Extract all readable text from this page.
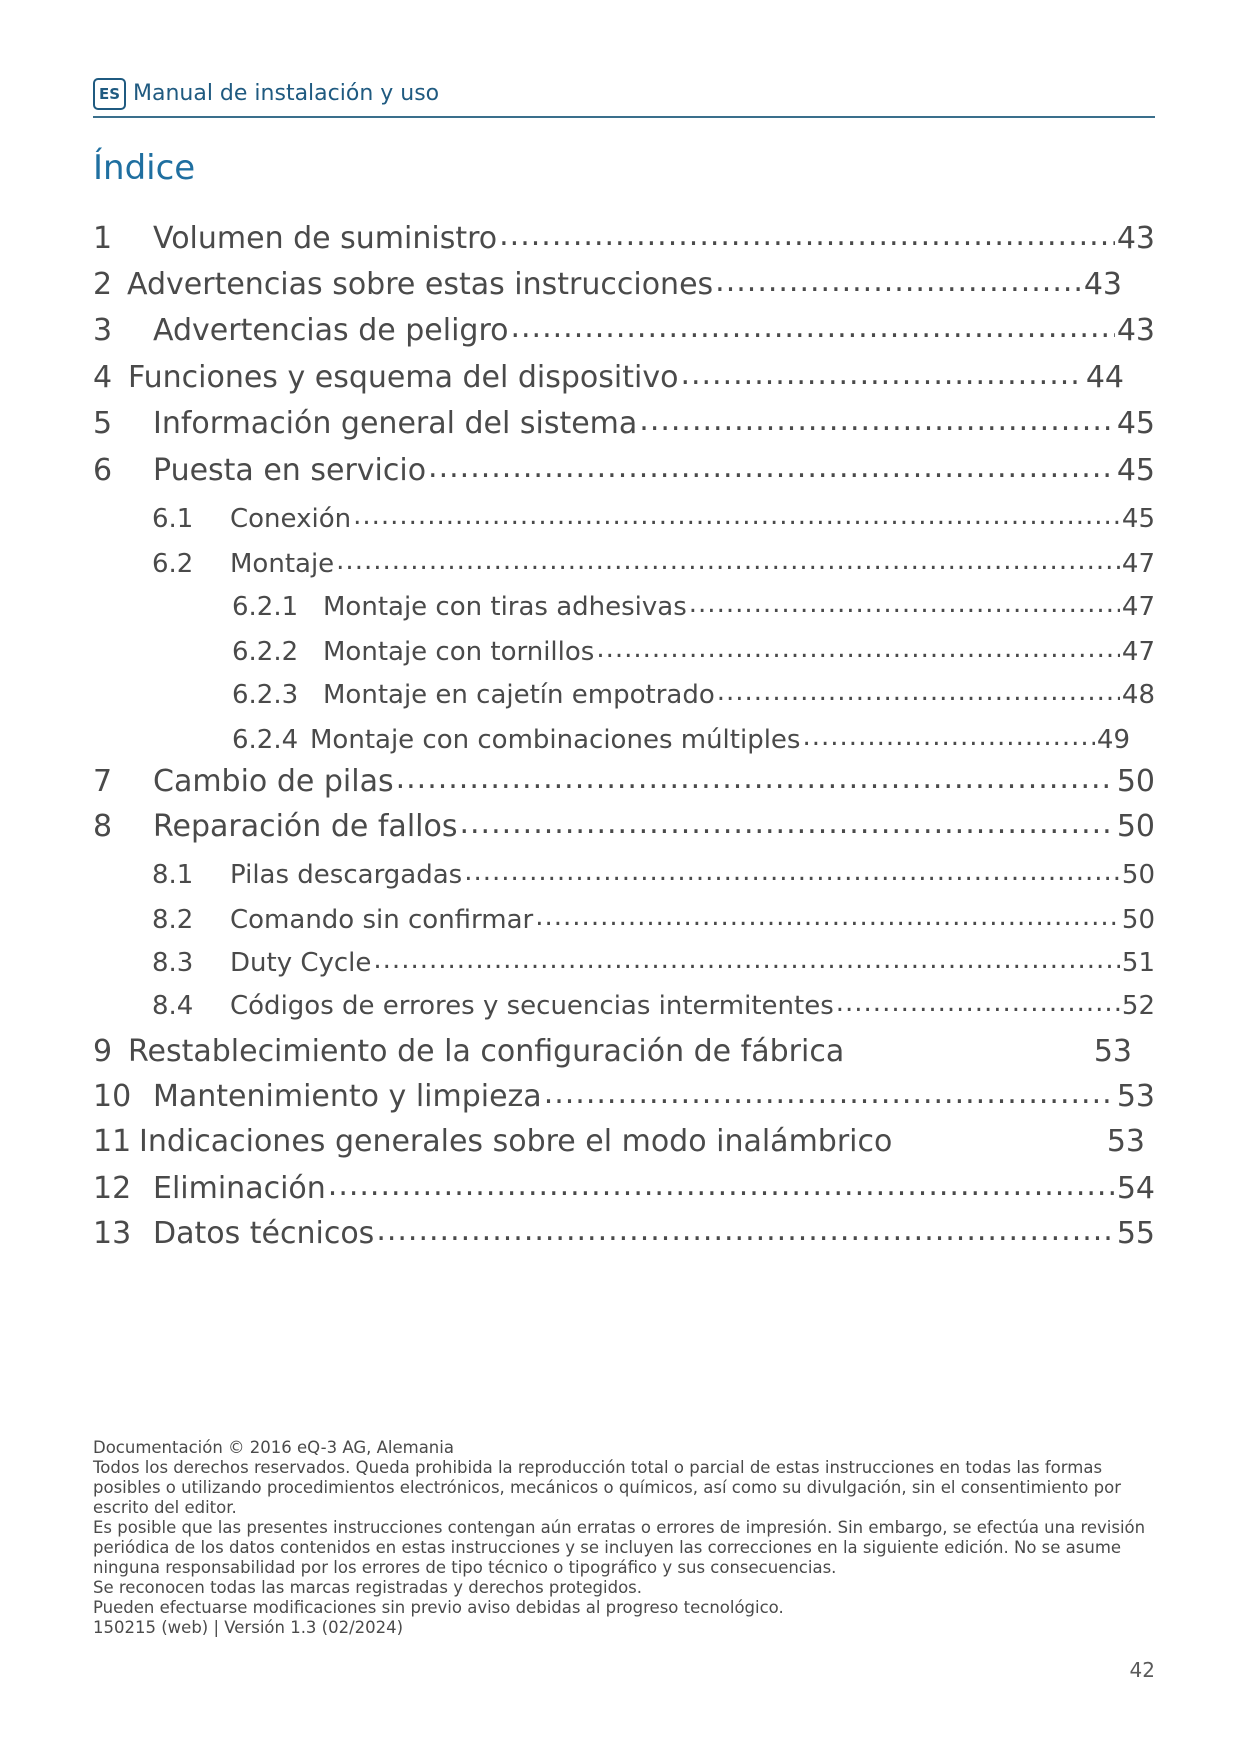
ES Manual de instalación y uso
Índice
1	Volumen de suministro .....	43
2 Advertencias sobre estas instrucciones .....	43
3	Advertencias de peligro .....	43
4 Funciones y esquema del dispositivo .....	44
5	Información general del sistema .....	45
6	Puesta en servicio .....	45
6.1	Conexión .....	45
6.2	Montaje .....	47
6.2.1 Montaje con tiras adhesivas .....	47
6.2.2 Montaje con tornillos .....	47
6.2.3 Montaje en cajetín empotrado .....	48
6.2.4 Montaje con combinaciones múltiples .....	49
7	Cambio de pilas .....	50
8	Reparación de fallos .....	50
8.1	Pilas descargadas .....	50
8.2	Comando sin confirmar .....	50
8.3	Duty Cycle .....	51
8.4	Códigos de errores y secuencias intermitentes .....	52
9 Restablecimiento de la configuración de fábrica	53
10 Mantenimiento y limpieza .....	53
11 Indicaciones generales sobre el modo inalámbrico	53
12 Eliminación .....	54
13 Datos técnicos .....	55

Documentación © 2016 eQ-3 AG, Alemania

Todos los derechos reservados. Queda prohibida la reproducción total o parcial de estas instrucciones en todas las formas posibles o utilizando procedimientos electrónicos, mecánicos o químicos, así como su divulgación, sin el consentimiento por escrito del editor.

Es posible que las presentes instrucciones contengan aún erratas o errores de impresión. Sin embargo, se efectúa una revisión periódica de los datos contenidos en estas instrucciones y se incluyen las correcciones en la siguiente edición. No se asume ninguna responsabilidad por los errores de tipo técnico o tipográfico y sus consecuencias.

Se reconocen todas las marcas registradas y derechos protegidos.

Pueden efectuarse modificaciones sin previo aviso debidas al progreso tecnológico.

150215 (web) | Versión 1.3 (02/2024)

42
